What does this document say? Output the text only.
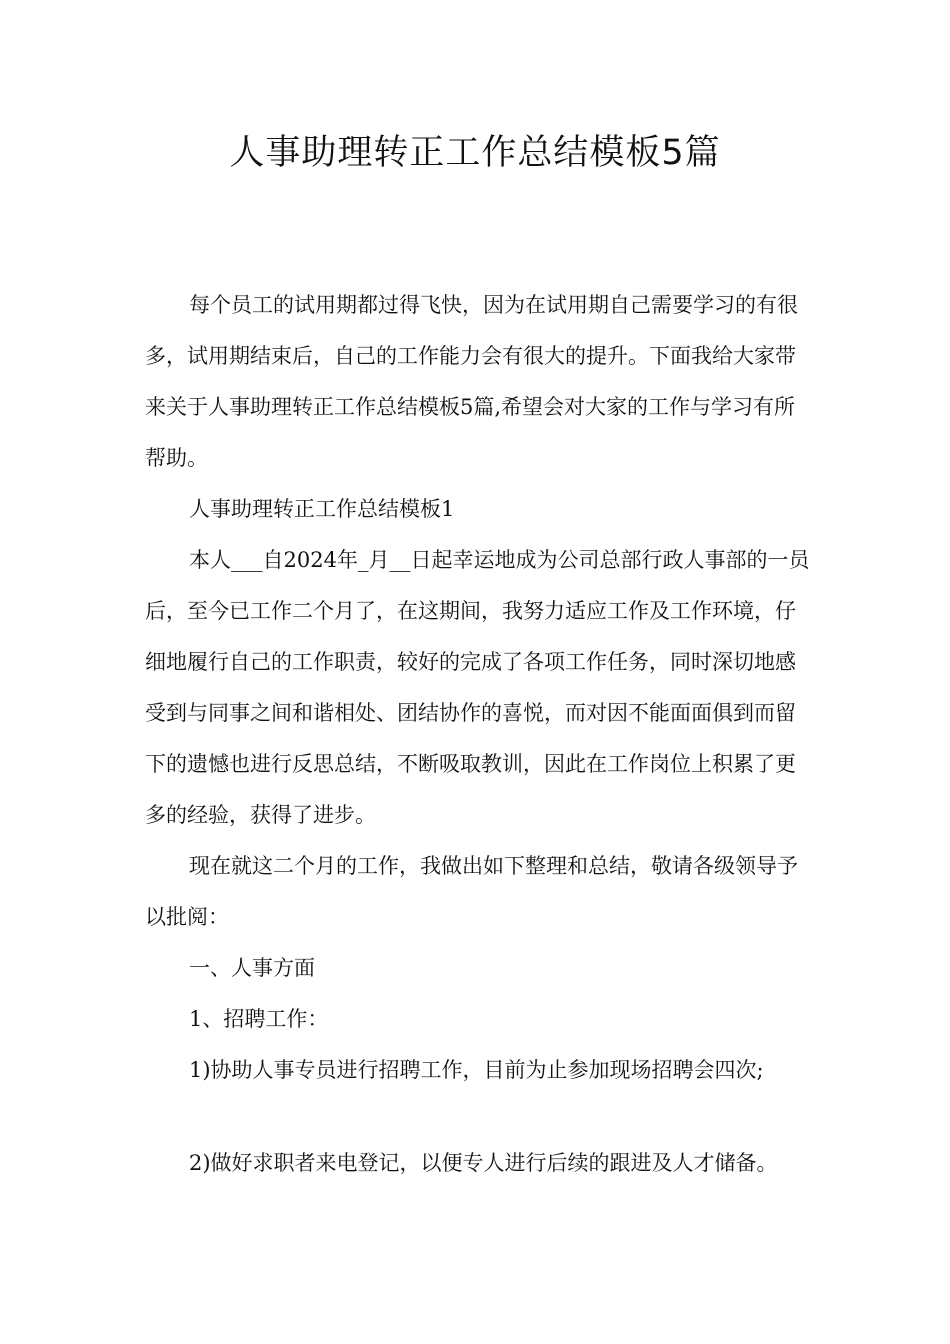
人事助理转正工作总结模板5篇

每个员工的试用期都过得飞快，因为在试用期自己需要学习的有很多，试用期结束后，自己的工作能力会有很大的提升。下面我给大家带来关于人事助理转正工作总结模板5篇,希望会对大家的工作与学习有所帮助。

人事助理转正工作总结模板1

本人___自2024年_月__日起幸运地成为公司总部行政人事部的一员后，至今已工作二个月了，在这期间，我努力适应工作及工作环境，仔细地履行自己的工作职责，较好的完成了各项工作任务，同时深切地感受到与同事之间和谐相处、团结协作的喜悦，而对因不能面面俱到而留下的遗憾也进行反思总结，不断吸取教训，因此在工作岗位上积累了更多的经验，获得了进步。

现在就这二个月的工作，我做出如下整理和总结，敬请各级领导予以批阅：

一、人事方面

1、招聘工作：

1)协助人事专员进行招聘工作，目前为止参加现场招聘会四次;

2)做好求职者来电登记，以便专人进行后续的跟进及人才储备。
